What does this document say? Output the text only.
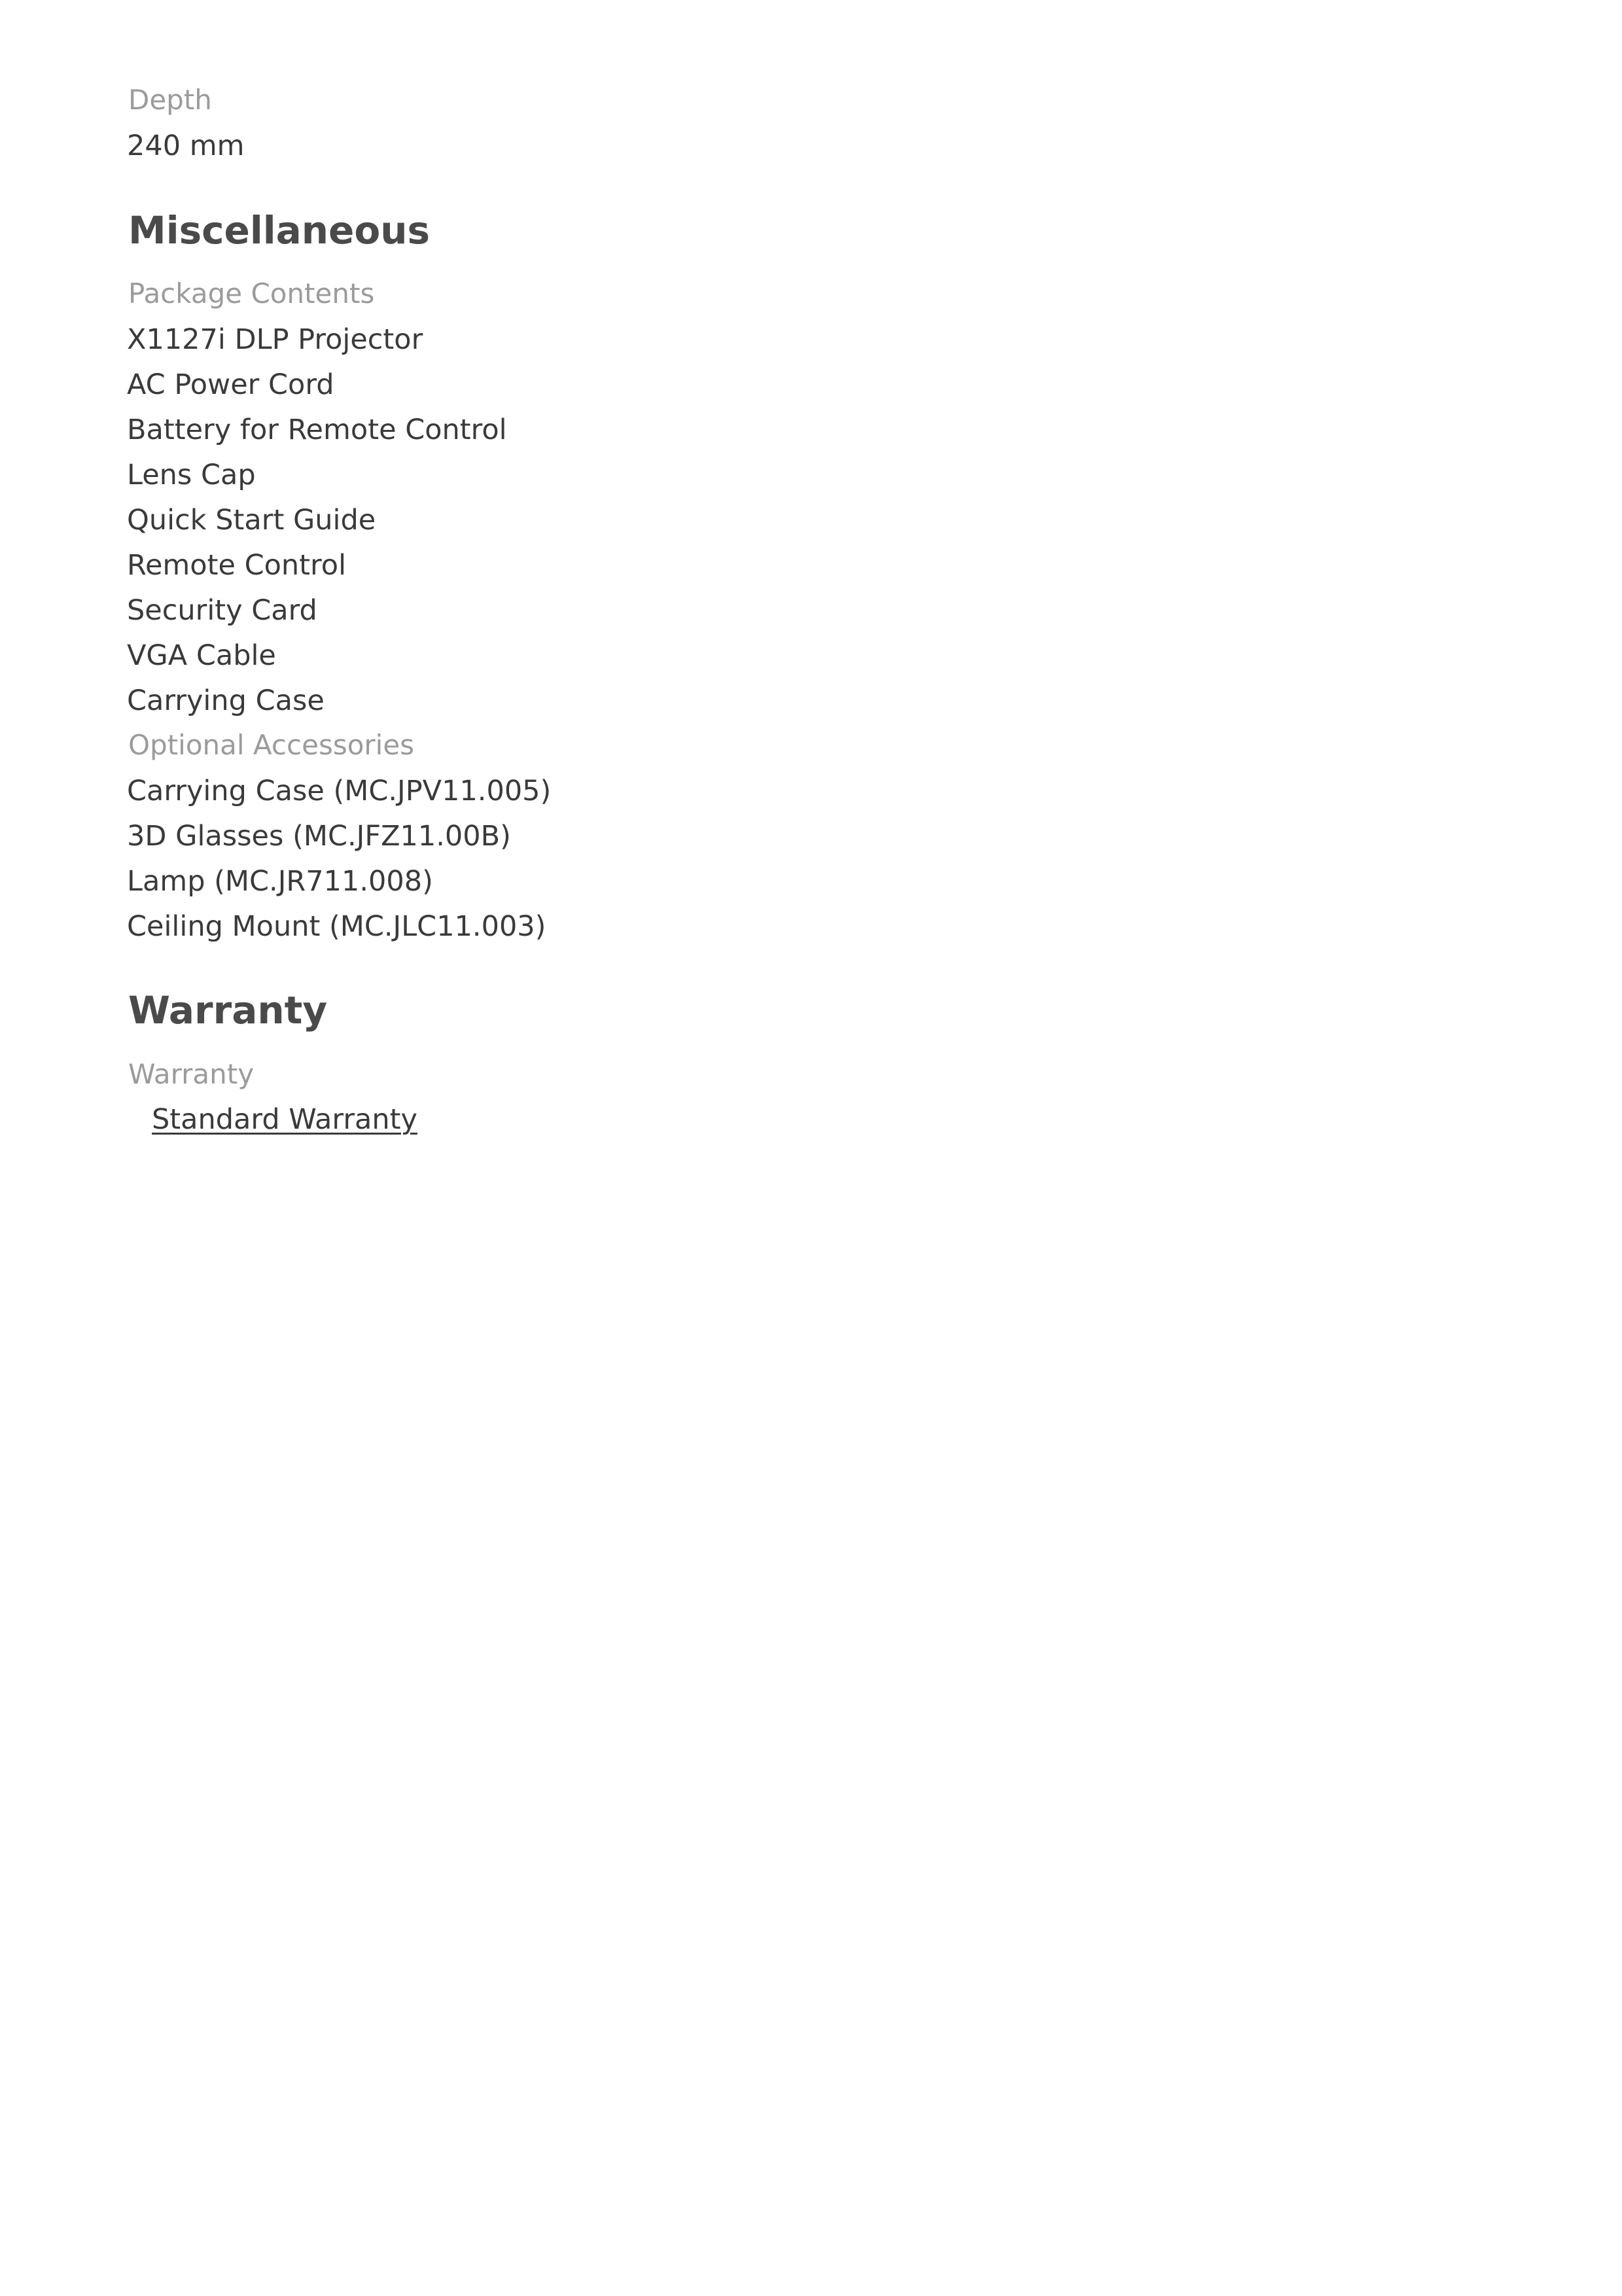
Depth

240 mm

Miscellaneous

Package Contents

X1127i DLP Projector

AC Power Cord

Battery for Remote Control

Lens Cap

Quick Start Guide

Remote Control

Security Card

VGA Cable

Carrying Case

Optional Accessories

Carrying Case (MC.JPV11.005)

3D Glasses (MC.JFZ11.00B)

Lamp (MC.JR711.008)

Ceiling Mount (MC.JLC11.003)

Warranty

Warranty

Standard Warranty
